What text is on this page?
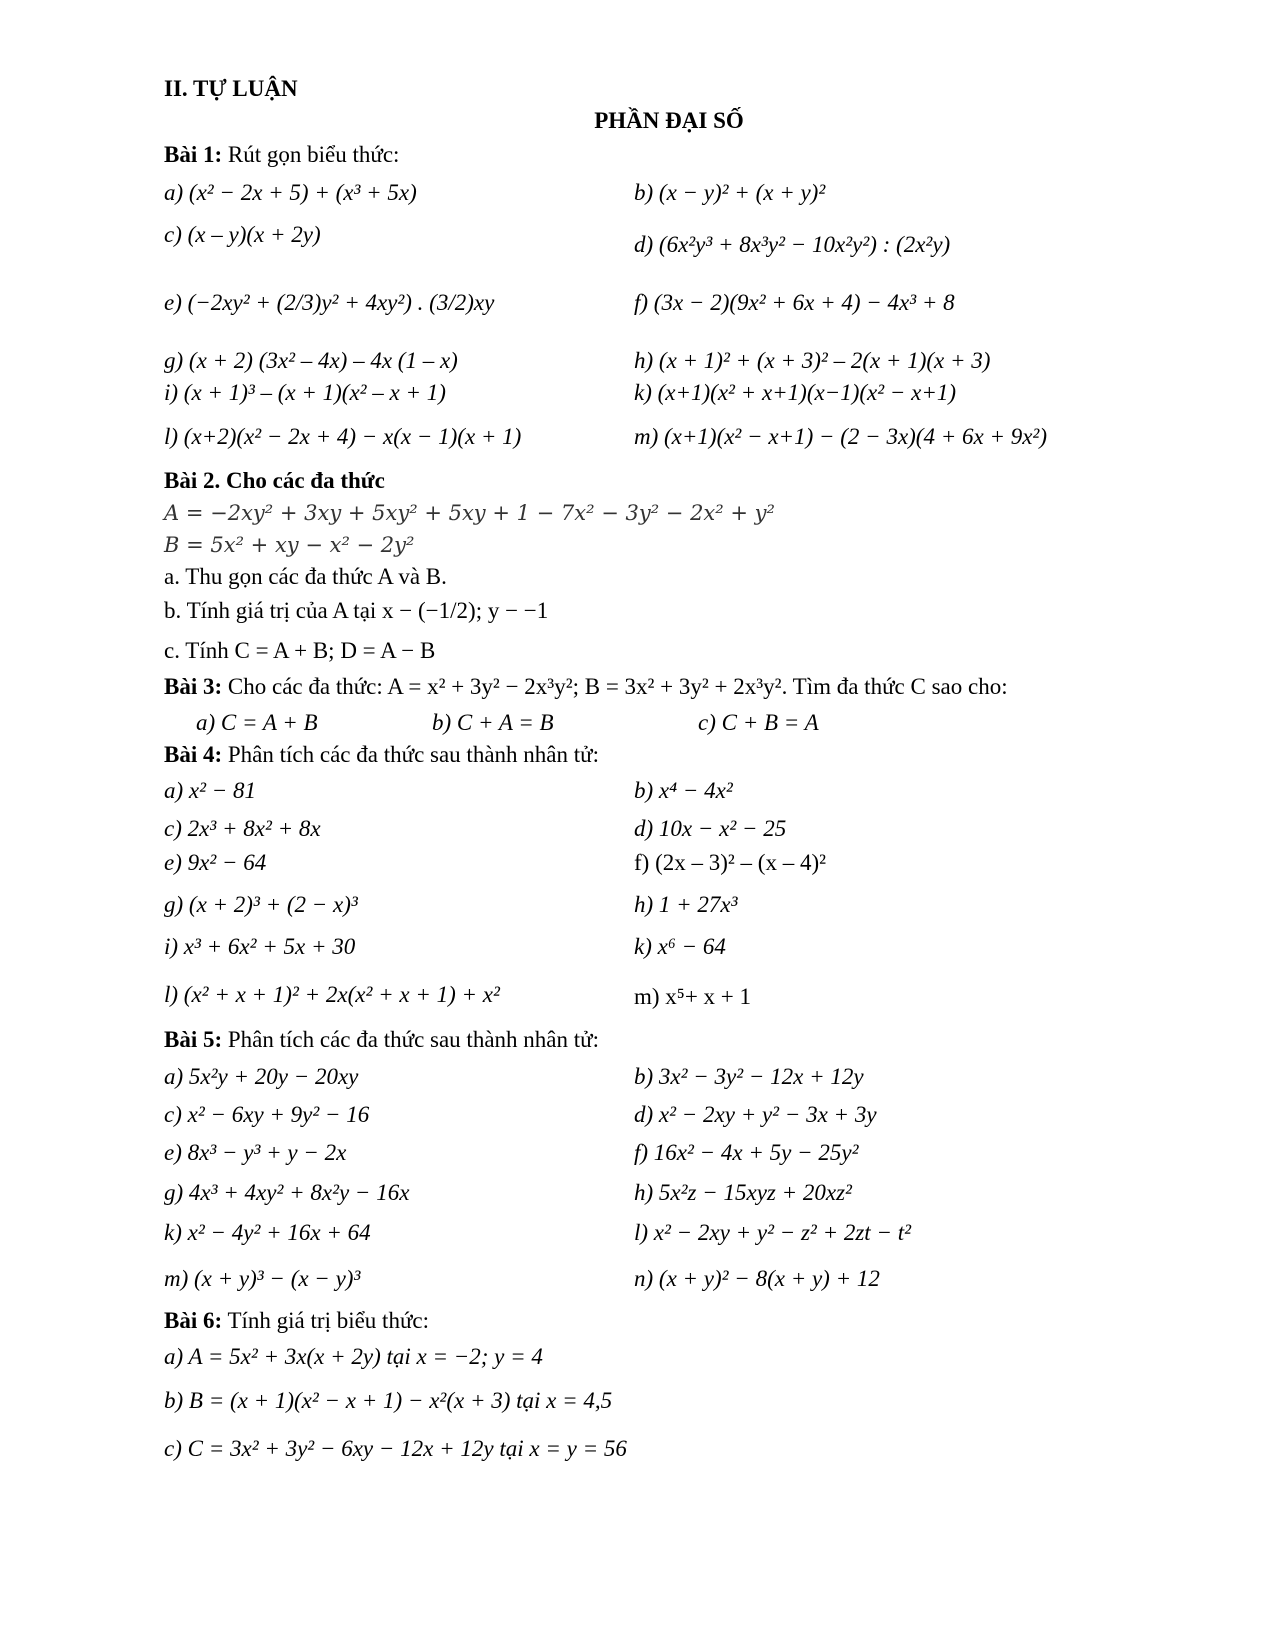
II. TỰ LUẬN
PHẦN ĐẠI SỐ
Bài 1: Rút gọn biểu thức:
a) (x² − 2x + 5) + (x³ + 5x)	b) (x − y)² + (x + y)²
c) (x – y)(x + 2y)	d) (6x²y³ + 8x³y² − 10x²y²) : (2x²y)
e) (−2xy² + (2/3)y² + 4xy²) . (3/2)xy	f) (3x − 2)(9x² + 6x + 4) − 4x³ + 8
g) (x + 2) (3x² – 4x) – 4x (1 – x)	h) (x + 1)² + (x + 3)² – 2(x + 1)(x + 3)
i) (x + 1)³ – (x + 1)(x² – x + 1)	k) (x+1)(x² + x+1)(x−1)(x² − x+1)
l) (x+2)(x² − 2x + 4) − x(x − 1)(x + 1)	m) (x+1)(x² − x+1) − (2 − 3x)(4 + 6x + 9x²)
Bài 2. Cho các đa thức
A = −2xy² + 3xy + 5xy² + 5xy + 1 − 7x² − 3y² − 2x² + y²
B = 5x² + xy − x² − 2y²
a. Thu gọn các đa thức A và B.
b. Tính giá trị của A tại x − (−1/2); y − −1
c. Tính C = A + B; D = A − B
Bài 3: Cho các đa thức: A = x² + 3y² − 2x³y²; B = 3x² + 3y² + 2x³y². Tìm đa thức C sao cho:
a) C = A + B	b) C + A = B	c) C + B = A
Bài 4: Phân tích các đa thức sau thành nhân tử:
a) x² − 81	b) x⁴ − 4x²
c) 2x³ + 8x² + 8x	d) 10x − x² − 25
e) 9x² − 64	f) (2x – 3)² – (x – 4)²
g) (x + 2)³ + (2 − x)³	h) 1 + 27x³
i) x³ + 6x² + 5x + 30	k) x⁶ − 64
l) (x² + x + 1)² + 2x(x² + x + 1) + x²	m) x⁵+ x + 1
Bài 5: Phân tích các đa thức sau thành nhân tử:
a) 5x²y + 20y − 20xy	b) 3x² − 3y² − 12x + 12y
c) x² − 6xy + 9y² − 16	d) x² − 2xy + y² − 3x + 3y
e) 8x³ − y³ + y − 2x	f) 16x² − 4x + 5y − 25y²
g) 4x³ + 4xy² + 8x²y − 16x	h) 5x²z − 15xyz + 20xz²
k) x² − 4y² + 16x + 64	l) x² − 2xy + y² − z² + 2zt − t²
m) (x + y)³ − (x − y)³	n) (x + y)² − 8(x + y) + 12
Bài 6: Tính giá trị biểu thức:
a) A = 5x² + 3x(x + 2y) tại x = −2; y = 4
b) B = (x + 1)(x² − x + 1) − x²(x + 3) tại x = 4,5
c) C = 3x² + 3y² − 6xy − 12x + 12y tại x = y = 56
